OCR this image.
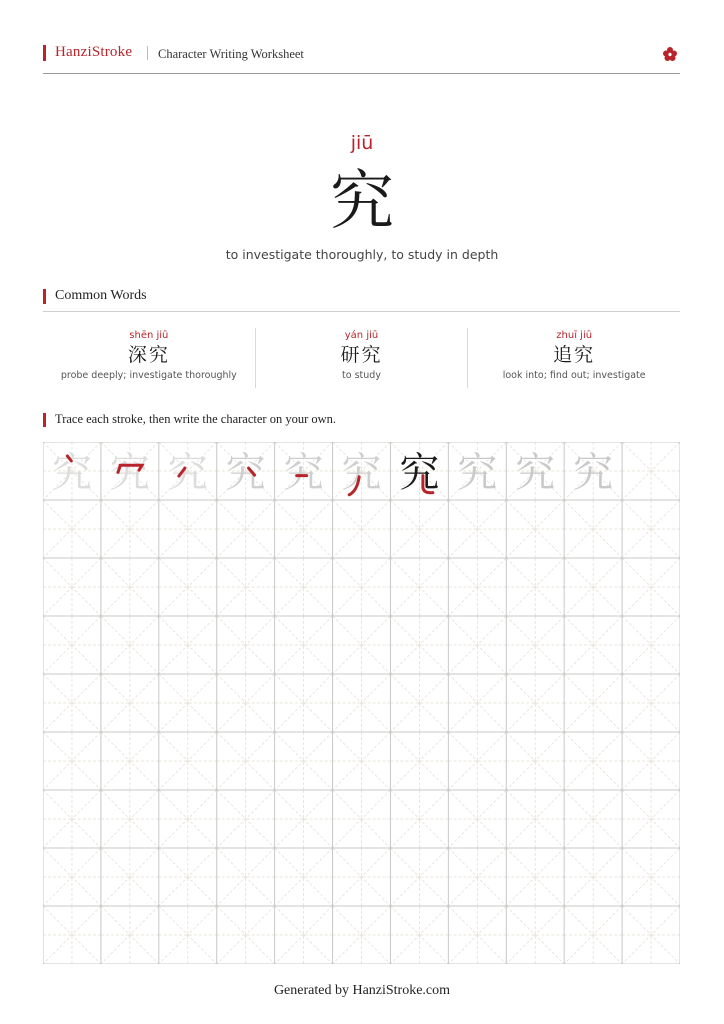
HanziStroke Character Writing Worksheet
jiū
究
to investigate thoroughly, to study in depth
Common Words
shēn jiū
深究
probe deeply; investigate thoroughly
yán jiū
研究
to study
zhuī jiū
追究
look into; find out; investigate
Trace each stroke, then write the character on your own.
究 究 究 究 究 究 究 究 究 究
Generated by HanziStroke.com
